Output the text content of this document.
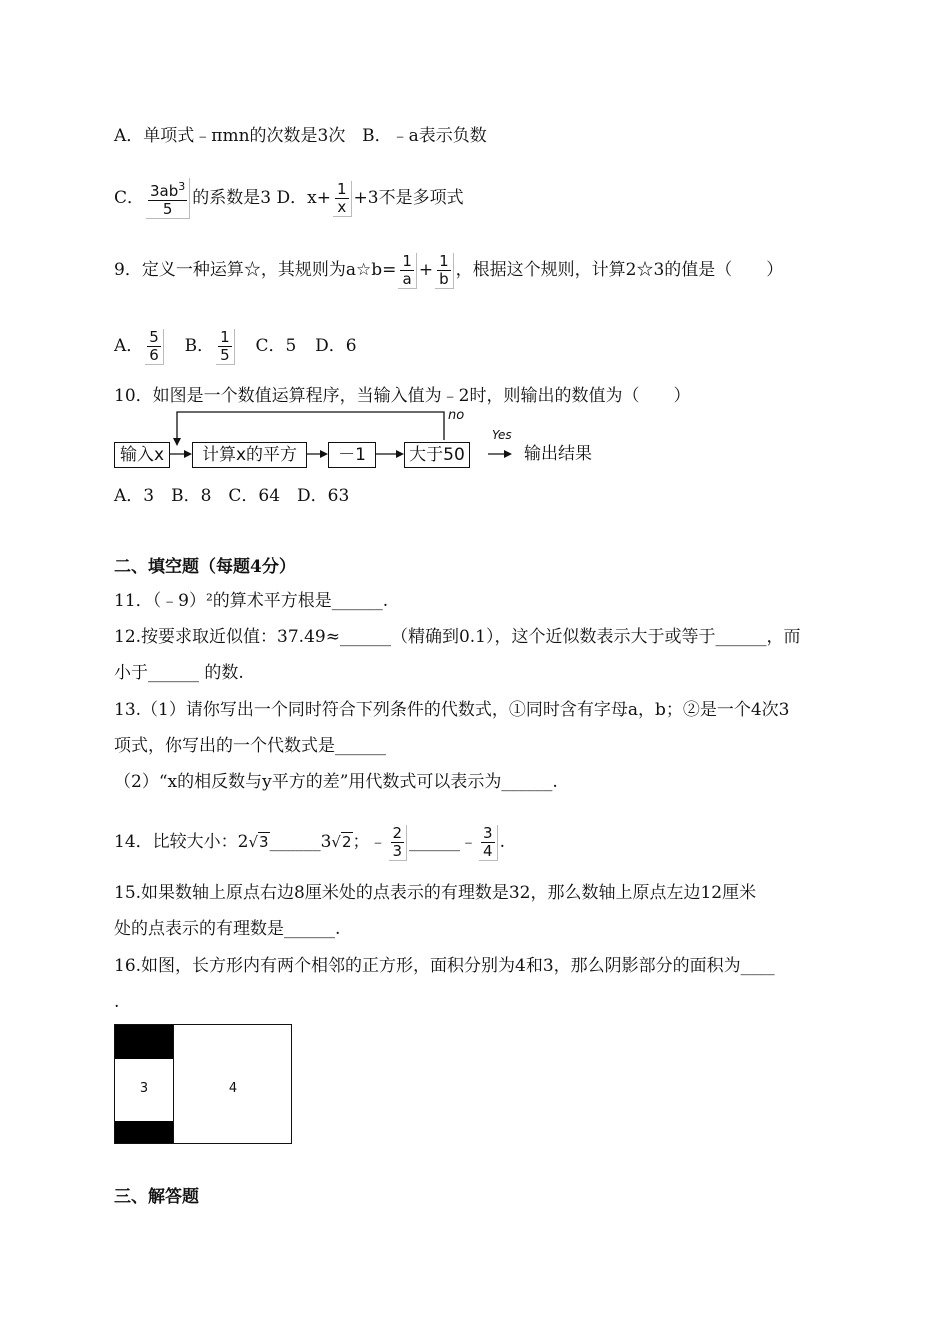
A．单项式﹣πmn的次数是3次 B．﹣a表示负数
C． $\frac{3ab^3}{5}$ 的系数是3 D．$x+ \frac{1}{x} +3$不是多项式
9．定义一种运算☆，其规则为a☆b= $\frac{1}{a} + \frac{1}{b}$ ，根据这个规则，计算2☆3的值是（　　）
A． $\frac{5}{6}$ B． $\frac{1}{5}$ C．5 D．6
10．如图是一个数值运算程序，当输入值为﹣2时，则输出的数值为（　　）
输入x	计算x的平方	－1	大于50
no
Yes
输出结果
A．3　B．8　C．64　D．63
二、填空题（每题4分）
11．（﹣9）²的算术平方根是______.
12.按要求取近似值：37.49≈______（精确到0.1），这个近似数表示大于或等于______，而
小于______ 的数.
13.（1）请你写出一个同时符合下列条件的代数式，①同时含有字母a，b；②是一个4次3
项式，你写出的一个代数式是______
（2）“x的相反数与y平方的差”用代数式可以表示为______.
14．比较大小：2√3______3√2；﹣ $\frac{2}{3}$ ______﹣ $\frac{3}{4}$ .
15.如果数轴上原点右边8厘米处的点表示的有理数是32，那么数轴上原点左边12厘米
处的点表示的有理数是______.
16.如图，长方形内有两个相邻的正方形，面积分别为4和3，那么阴影部分的面积为____
.
3	4
三、解答题
